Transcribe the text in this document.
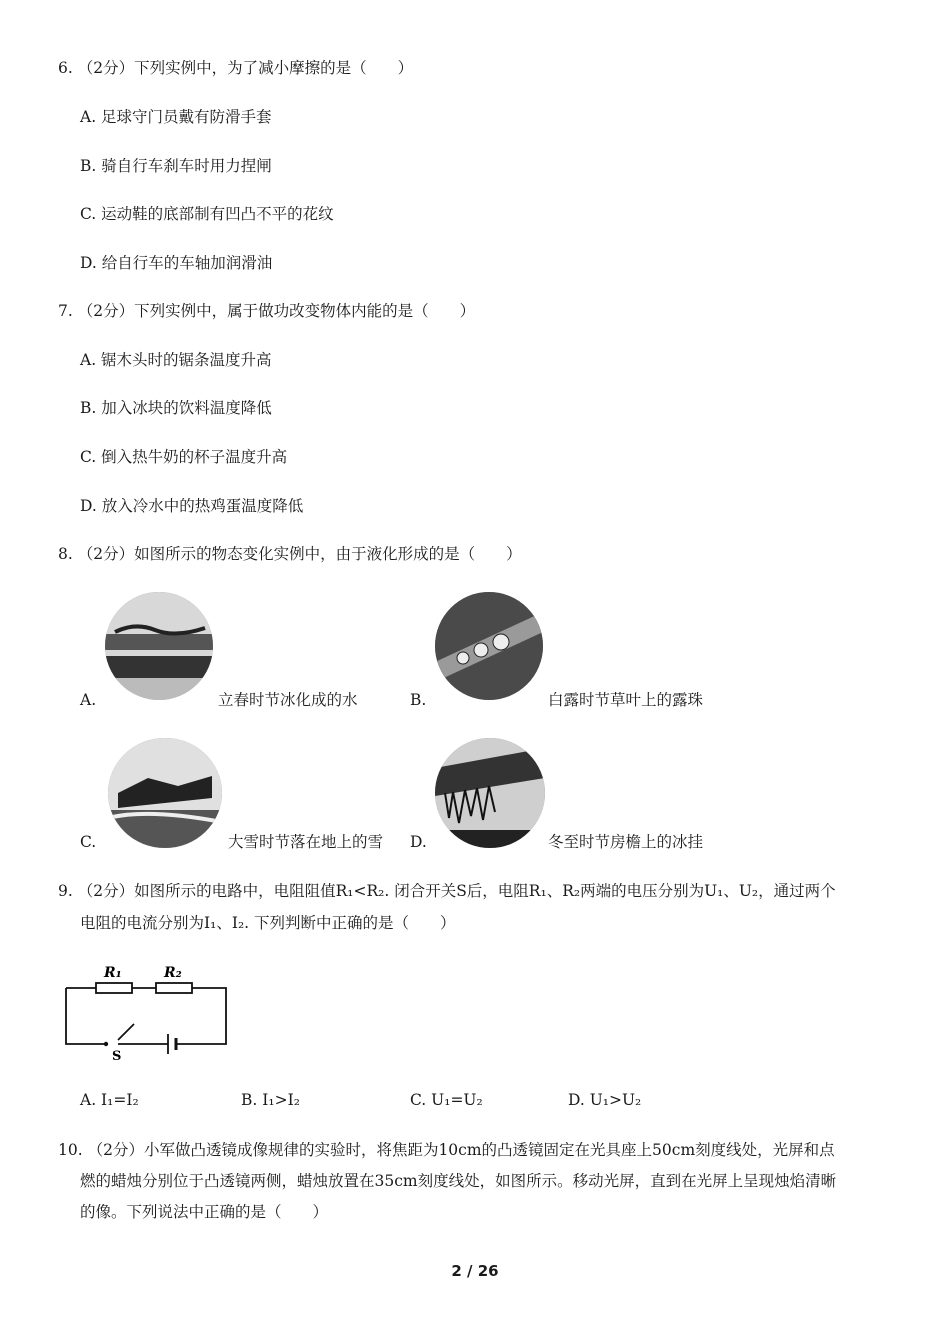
6. （2分）下列实例中，为了减小摩擦的是（　　）
A. 足球守门员戴有防滑手套
B. 骑自行车刹车时用力捏闸
C. 运动鞋的底部制有凹凸不平的花纹
D. 给自行车的车轴加润滑油
7. （2分）下列实例中，属于做功改变物体内能的是（　　）
A. 锯木头时的锯条温度升高
B. 加入冰块的饮料温度降低
C. 倒入热牛奶的杯子温度升高
D. 放入冷水中的热鸡蛋温度降低
8. （2分）如图所示的物态变化实例中，由于液化形成的是（　　）
A.	立春时节冰化成的水	B.	白露时节草叶上的露珠
C.	大雪时节落在地上的雪 D.	冬至时节房檐上的冰挂
9. （2分）如图所示的电路中，电阻阻值R₁<R₂. 闭合开关S后，电阻R₁、R₂两端的电压分别为U₁、U₂，通过两个
电阻的电流分别为I₁、I₂. 下列判断中正确的是（　　）
R₁	R₂
S
A. I₁=I₂	B. I₁>I₂	C. U₁=U₂	D. U₁>U₂
10. （2分）小军做凸透镜成像规律的实验时，将焦距为10cm的凸透镜固定在光具座上50cm刻度线处，光屏和点
燃的蜡烛分别位于凸透镜两侧，蜡烛放置在35cm刻度线处，如图所示。移动光屏，直到在光屏上呈现烛焰清晰
的像。下列说法中正确的是（　　）
2 / 26
